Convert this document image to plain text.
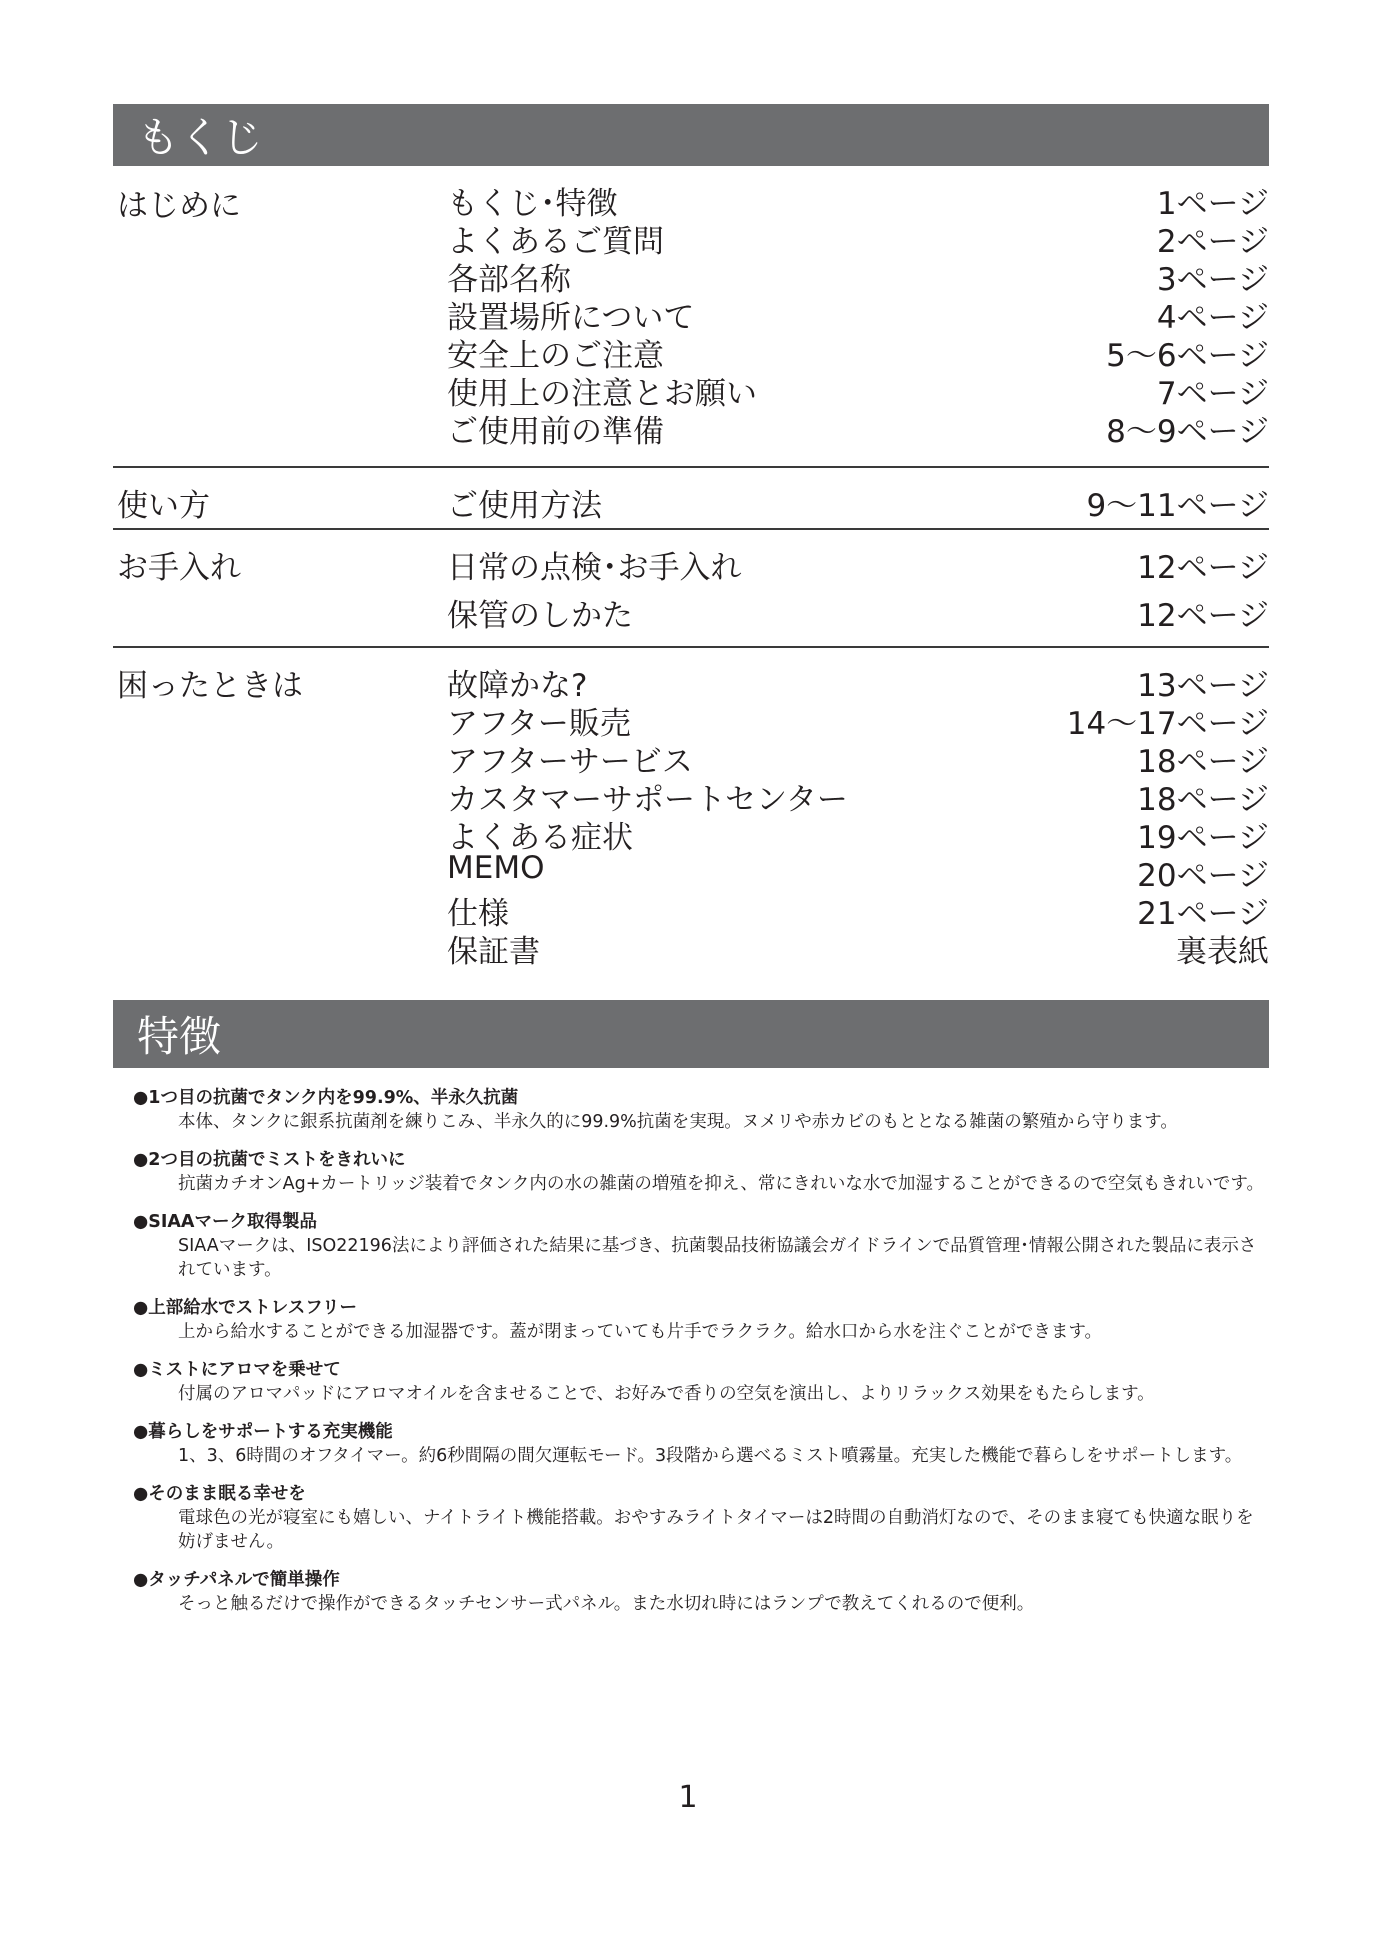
もくじ
はじめに	もくじ･特徴	1ページ
よくあるご質問	2ページ
各部名称	3ページ
設置場所について	4ページ
安全上のご注意	5～6ページ
使用上の注意とお願い	7ページ
ご使用前の準備	8～9ページ
使い方	ご使用方法	9～11ページ
お手入れ	日常の点検･お手入れ	12ページ
保管のしかた	12ページ
困ったときは	故障かな?	13ページ
アフター販売	14～17ページ
アフターサービス	18ページ
カスタマーサポートセンター	18ページ
よくある症状	19ページ
MEMO	20ページ
仕様	21ページ
保証書	裏表紙
特徴
●1つ目の抗菌でタンク内を99.9%、半永久抗菌
本体、タンクに銀系抗菌剤を練りこみ、半永久的に99.9%抗菌を実現。ヌメリや赤カビのもととなる雑菌の繁殖から守ります。
●2つ目の抗菌でミストをきれいに
抗菌カチオンAg+カートリッジ装着でタンク内の水の雑菌の増殖を抑え、常にきれいな水で加湿することができるので空気もきれいです。
●SIAAマーク取得製品
SIAAマークは、ISO22196法により評価された結果に基づき、抗菌製品技術協議会ガイドラインで品質管理･情報公開された製品に表示されています。
●上部給水でストレスフリー
上から給水することができる加湿器です。蓋が閉まっていても片手でラクラク。給水口から水を注ぐことができます。
●ミストにアロマを乗せて
付属のアロマパッドにアロマオイルを含ませることで、お好みで香りの空気を演出し、よりリラックス効果をもたらします。
●暮らしをサポートする充実機能
1、3、6時間のオフタイマー。約6秒間隔の間欠運転モード。3段階から選べるミスト噴霧量。充実した機能で暮らしをサポートします。
●そのまま眠る幸せを
電球色の光が寝室にも嬉しい、ナイトライト機能搭載。おやすみライトタイマーは2時間の自動消灯なので、そのまま寝ても快適な眠りを妨げません。
●タッチパネルで簡単操作
そっと触るだけで操作ができるタッチセンサー式パネル。また水切れ時にはランプで教えてくれるので便利。
1
